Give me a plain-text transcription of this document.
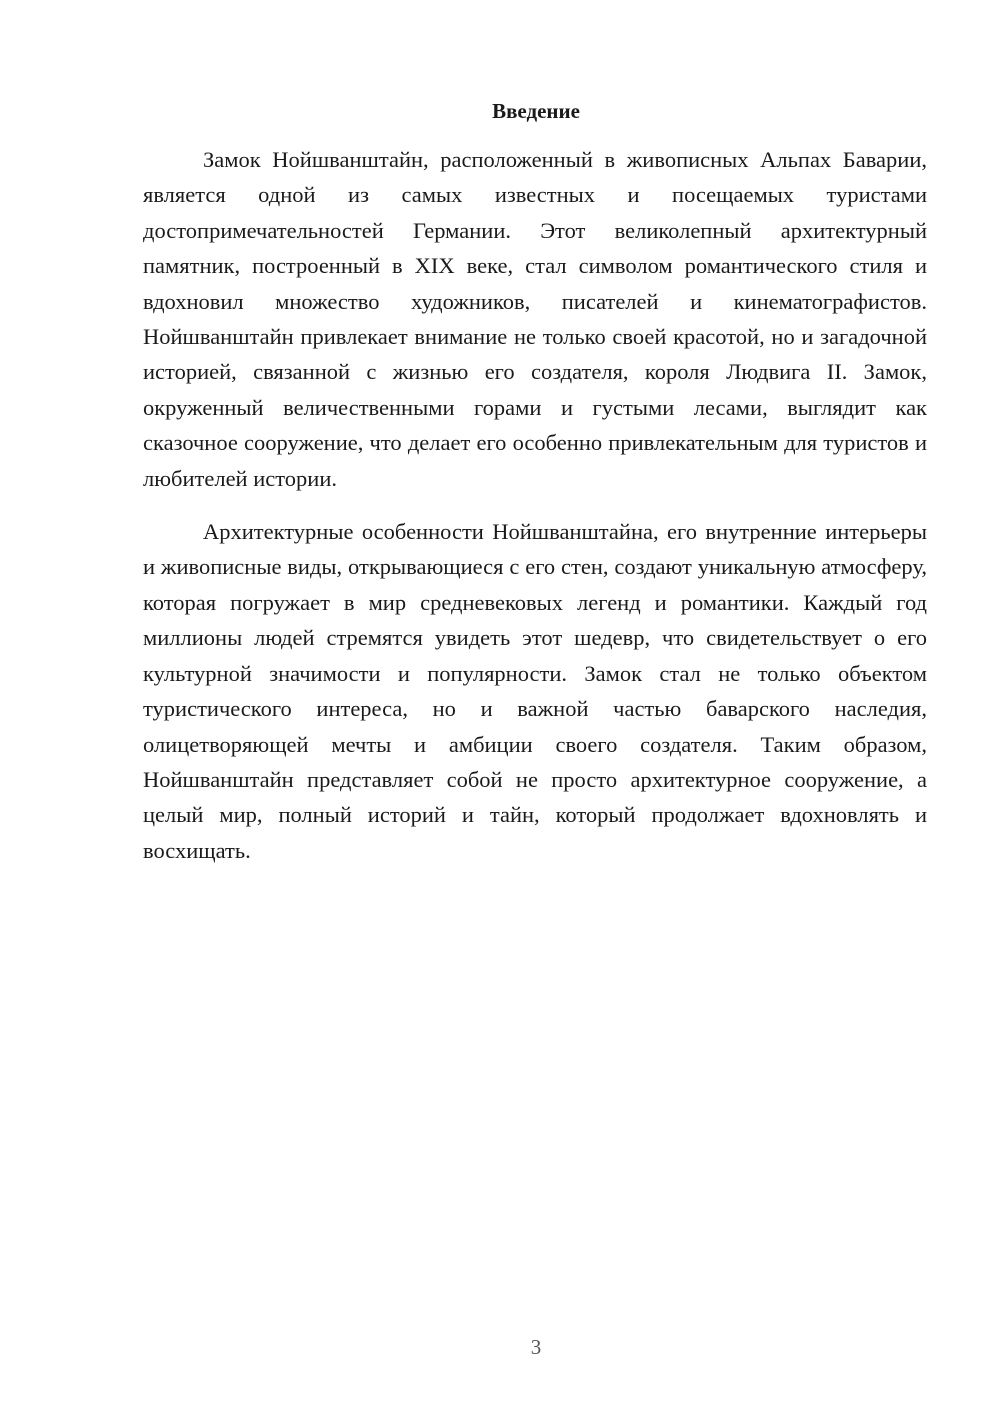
Введение

Замок Нойшванштайн, расположенный в живописных Альпах Баварии, является одной из самых известных и посещаемых туристами достопримечательностей Германии. Этот великолепный архитектурный памятник, построенный в XIX веке, стал символом романтического стиля и вдохновил множество художников, писателей и кинематографистов. Нойшванштайн привлекает внимание не только своей красотой, но и загадочной историей, связанной с жизнью его создателя, короля Людвига II. Замок, окруженный величественными горами и густыми лесами, выглядит как сказочное сооружение, что делает его особенно привлекательным для туристов и любителей истории.

Архитектурные особенности Нойшванштайна, его внутренние интерьеры и живописные виды, открывающиеся с его стен, создают уникальную атмосферу, которая погружает в мир средневековых легенд и романтики. Каждый год миллионы людей стремятся увидеть этот шедевр, что свидетельствует о его культурной значимости и популярности. Замок стал не только объектом туристического интереса, но и важной частью баварского наследия, олицетворяющей мечты и амбиции своего создателя. Таким образом, Нойшванштайн представляет собой не просто архитектурное сооружение, а целый мир, полный историй и тайн, который продолжает вдохновлять и восхищать.

3
